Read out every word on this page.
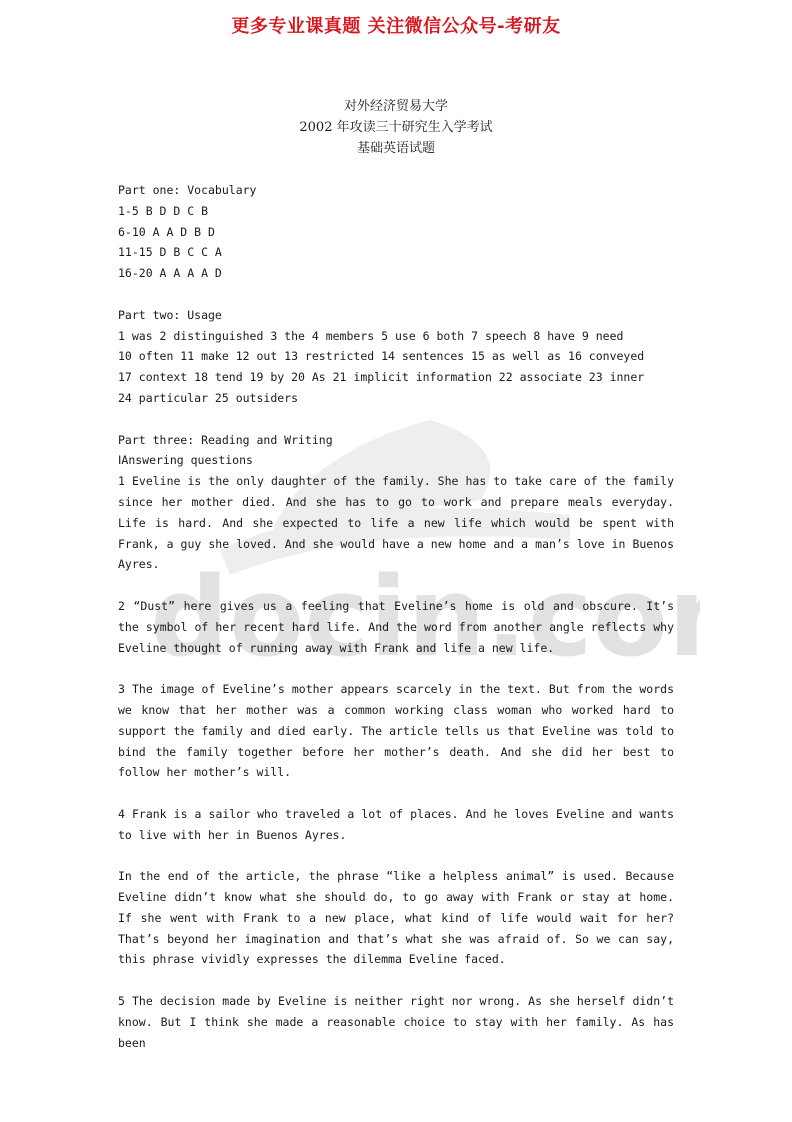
更多专业课真题 关注微信公众号-考研友
docin.co
对外经济贸易大学
2002 年攻读三十研究生入学考试
基础英语试题
Part one: Vocabulary
1-5 B D D C B
6-10 A A D B D
11-15 D B C C A
16-20 A A A A D
Part two: Usage
1 was 2 distinguished 3 the 4 members 5 use 6 both 7 speech 8 have 9 need
10 often 11 make 12 out 13 restricted 14 sentences 15 as well as 16 conveyed
17 context 18 tend 19 by 20 As 21 implicit information 22 associate 23 inner
24 particular 25 outsiders
Part three: Reading and Writing
ⅠAnswering questions
1 Eveline is the only daughter of the family. She has to take care of the family since her mother died. And she has to go to work and prepare meals everyday. Life is hard. And she expected to life a new life which would be spent with Frank, a guy she loved. And she would have a new home and a man’s love in Buenos Ayres.
2 “Dust” here gives us a feeling that Eveline’s home is old and obscure. It’s the symbol of her recent hard life. And the word from another angle reflects why Eveline thought of running away with Frank and life a new life.
3 The image of Eveline’s mother appears scarcely in the text. But from the words we know that her mother was a common working class woman who worked hard to support the family and died early. The article tells us that Eveline was told to bind the family together before her mother’s death. And she did her best to follow her mother’s will.
4 Frank is a sailor who traveled a lot of places. And he loves Eveline and wants to live with her in Buenos Ayres.
In the end of the article, the phrase “like a helpless animal” is used. Because Eveline didn’t know what she should do, to go away with Frank or stay at home. If she went with Frank to a new place, what kind of life would wait for her? That’s beyond her imagination and that’s what she was afraid of. So we can say, this phrase vividly expresses the dilemma Eveline faced.
5 The decision made by Eveline is neither right nor wrong. As she herself didn’t know. But I think she made a reasonable choice to stay with her family. As has been
